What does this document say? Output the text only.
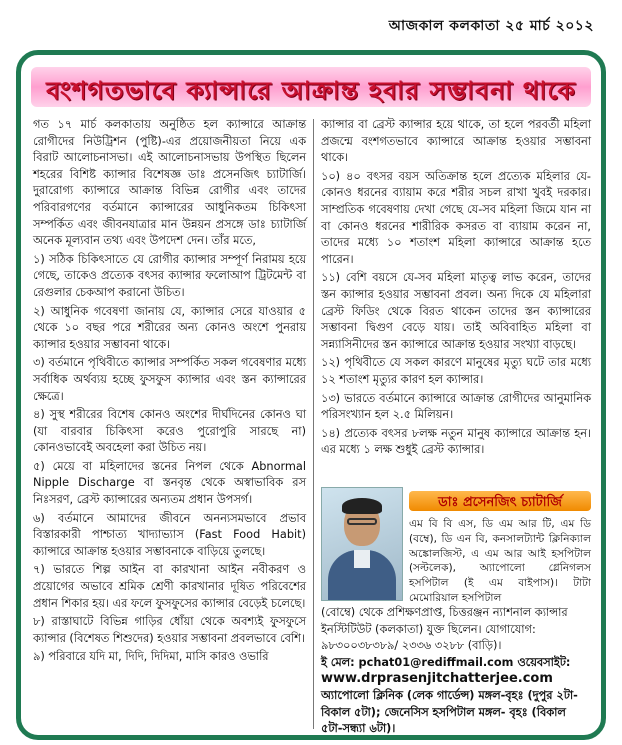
আজকাল কলকাতা ২৫ মার্চ ২০১২
বংশগতভাবে ক্যান্সারে আক্রান্ত হবার সম্ভাবনা থাকে

গত ১৭ মার্চ কলকাতায় অনুষ্ঠিত হল ক্যান্সারে আক্রান্ত রোগীদের নিউট্রিশন (পুষ্টি)-এর প্রয়োজনীয়তা নিয়ে এক বিরাট আলোচনাসভা। এই আলোচনাসভায় উপস্থিত ছিলেন শহরের বিশিষ্ট ক্যান্সার বিশেষজ্ঞ ডাঃ প্রসেনজিৎ চ্যাটার্জি। দুরারোগ্য ক্যান্সারে আক্রান্ত বিভিন্ন রোগীর এবং তাদের পরিবারগণের বর্তমানে ক্যান্সারের আধুনিকতম চিকিৎসা সম্পর্কিত এবং জীবনযাত্রার মান উন্নয়ন প্রসঙ্গে ডাঃ চ্যাটার্জি অনেক মূল্যবান তথ্য এবং উপদেশ দেন। তাঁর মতে,

১) সঠিক চিকিৎসাতে যে রোগীর ক্যান্সার সম্পূর্ণ নিরাময় হয়ে গেছে, তাকেও প্রত্যেক বৎসর ক্যান্সার ফলোআপ ট্রিটমেন্ট বা রেগুলার চেকআপ করানো উচিত।

২) আধুনিক গবেষণা জানায় যে, ক্যান্সার সেরে যাওয়ার ৫ থেকে ১০ বছর পরে শরীরের অন্য কোনও অংশে পুনরায় ক্যান্সার হওয়ার সম্ভাবনা থাকে।

৩) বর্তমানে পৃথিবীতে ক্যান্সার সম্পর্কিত সকল গবেষণার মধ্যে সর্বাধিক অর্থব্যয় হচ্ছে ফুসফুস ক্যান্সার এবং স্তন ক্যান্সারের ক্ষেত্রে।

৪) সুস্থ শরীরের বিশেষ কোনও অংশের দীর্ঘদিনের কোনও ঘা (যা বারবার চিকিৎসা করেও পুরোপুরি সারছে না) কোনওভাবেই অবহেলা করা উচিত নয়।

৫) মেয়ে বা মহিলাদের স্তনের নিপল থেকে Abnormal Nipple Discharge বা স্তনবৃন্ত থেকে অস্বাভাবিক রস নিঃসরণ, ব্রেস্ট ক্যান্সারের অন্যতম প্রধান উপসর্গ।

৬) বর্তমানে আমাদের জীবনে অনন্যসমভাবে প্রভাব বিস্তারকারী পাশ্চাত্য খাদ্যাভ্যাস (Fast Food Habit) ক্যান্সারে আক্রান্ত হওয়ার সম্ভাবনাকে বাড়িয়ে তুলছে।

৭) ভারতে শিল্প আইন বা কারখানা আইন নবীকরণ ও প্রয়োগের অভাবে শ্রমিক শ্রেণী কারখানার দূষিত পরিবেশের প্রধান শিকার হয়। এর ফলে ফুসফুসের ক্যান্সার বেড়েই চলেছে।

৮) রাস্তাঘাটে বিভিন্ন গাড়ির ধোঁয়া থেকে অবশ্যই ফুসফুসে ক্যান্সার (বিশেষত শিশুদের) হওয়ার সম্ভাবনা প্রবলভাবে বেশি।

৯) পরিবারে যদি মা, দিদি, দিদিমা, মাসি কারও ওভারি

ক্যান্সার বা ব্রেস্ট ক্যান্সার হয়ে থাকে, তা হলে পরবর্তী মহিলা প্রজন্মে বংশগতভাবে ক্যান্সারে আক্রান্ত হওয়ার সম্ভাবনা থাকে।

১০) ৪০ বৎসর বয়স অতিক্রান্ত হলে প্রত্যেক মহিলার যে-কোনও ধরনের ব্যায়াম করে শরীর সচল রাখা খুবই দরকার। সাম্প্রতিক গবেষণায় দেখা গেছে যে-সব মহিলা জিমে যান না বা কোনও ধরনের শারীরিক কসরত বা ব্যায়াম করেন না, তাদের মধ্যে ১০ শতাংশ মহিলা ক্যান্সারে আক্রান্ত হতে পারেন।

১১) বেশি বয়সে যে-সব মহিলা মাতৃত্ব লাভ করেন, তাদের স্তন ক্যান্সার হওয়ার সম্ভাবনা প্রবল। অন্য দিকে যে মহিলারা ব্রেস্ট ফিডিং থেকে বিরত থাকেন তাদের স্তন ক্যান্সারের সম্ভাবনা দ্বিগুণ বেড়ে যায়। তাই অবিবাহিত মহিলা বা সন্ন্যাসিনীদের স্তন ক্যান্সারে আক্রান্ত হওয়ার সংখ্যা বাড়ছে।

১২) পৃথিবীতে যে সকল কারণে মানুষের মৃত্যু ঘটে তার মধ্যে ১২ শতাংশ মৃত্যুর কারণ হল ক্যান্সার।

১৩) ভারতে বর্তমানে ক্যান্সারে আক্রান্ত রোগীদের আনুমানিক পরিসংখ্যান হল ২.৫ মিলিয়ন।

১৪) প্রত্যেক বৎসর ৮লক্ষ নতুন মানুষ ক্যান্সারে আক্রান্ত হন। এর মধ্যে ১ লক্ষ শুধুই ব্রেস্ট ক্যান্সার।

ডাঃ প্রসেনজিৎ চ্যাটার্জি
এম বি বি এস, ডি এম আর টি, এম ডি (বম্বে), ডি এন বি, কনসালট্যান্ট ক্লিনিক্যাল অঙ্কোলজিস্ট, এ এম আর আই হসপিটাল (সল্টলেক), অ্যাপোলো গ্লেনিগলস হসপিটাল (ই এম বাইপাস)। টাটা মেমোরিয়াল হসপিটাল

(বোম্বে) থেকে প্রশিক্ষণপ্রাপ্ত, চিত্তরঞ্জন ন্যাশনাল ক্যান্সার ইনস্টিটিউট (কলকাতা) যুক্ত ছিলেন। যোগাযোগ: ৯৮৩০০৩৮৩৮৯/ ২৩৩৬ ৩২৮৮ (বাড়ি)।

ই মেল: pchat01@rediffmail.com ওয়েবসাইট:

www.drprasenjitchatterjee.com

অ্যাপোলো ক্লিনিক (লেক গার্ডেন্স) মঙ্গল-বৃহঃ (দুপুর ২টা-বিকাল ৫টা); জেনেসিস হসপিটাল মঙ্গল- বৃহঃ (বিকাল ৫টা-সন্ধ্যা ৬টা)।
